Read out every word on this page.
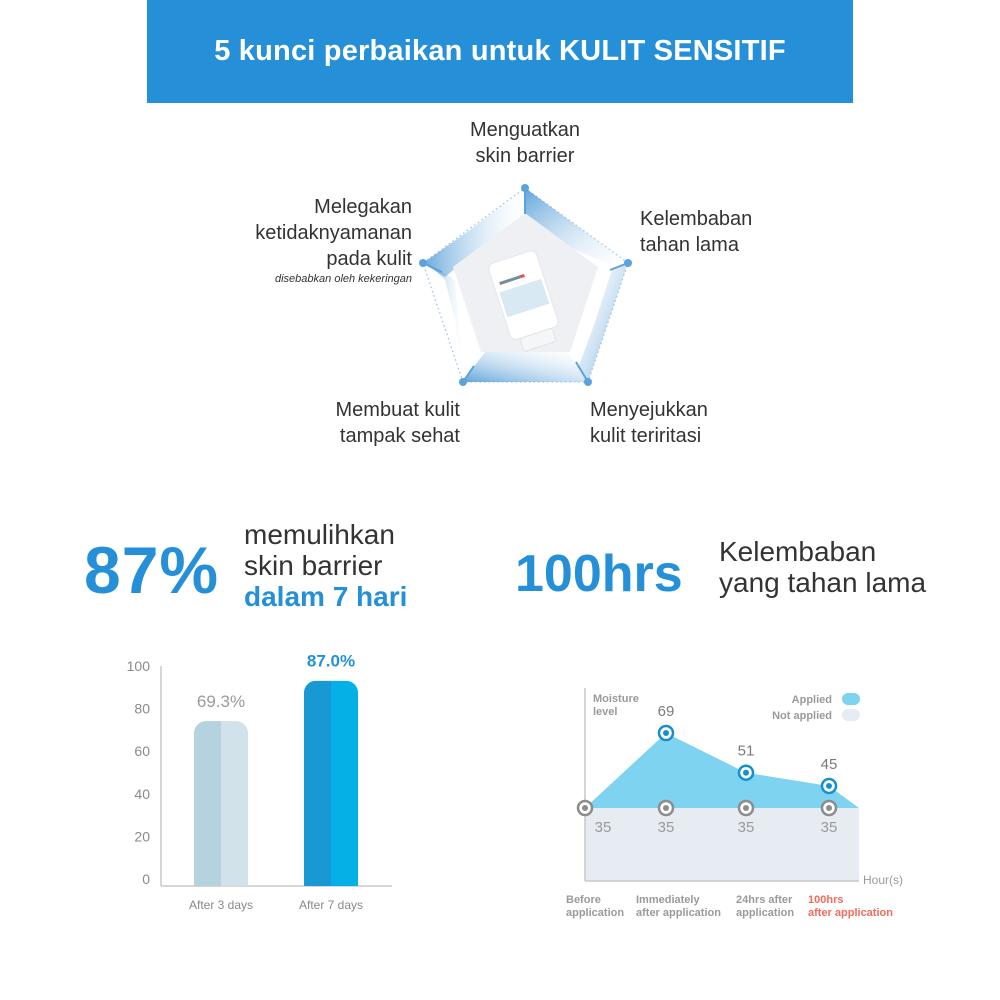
5 kunci perbaikan untuk KULIT SENSITIF
Menguatkan
skin barrier
Kelembaban
tahan lama
Menyejukkan
kulit teriritasi
Membuat kulit
tampak sehat
Melegakan
ketidaknyamanan
pada kulit
disebabkan oleh kekeringan
87% memulihkan
skin barrier
dalam 7 hari 100hrs Kelembaban
yang tahan lama
0
20
40
60
80
100
69.3%
After 3 days
87.0%
After 7 days
Moisture
level
Hour(s)
Applied
Not applied
35	35
69
35
51
35
45
Before application
Immediately after application
24hrs after application
100hrs after application
